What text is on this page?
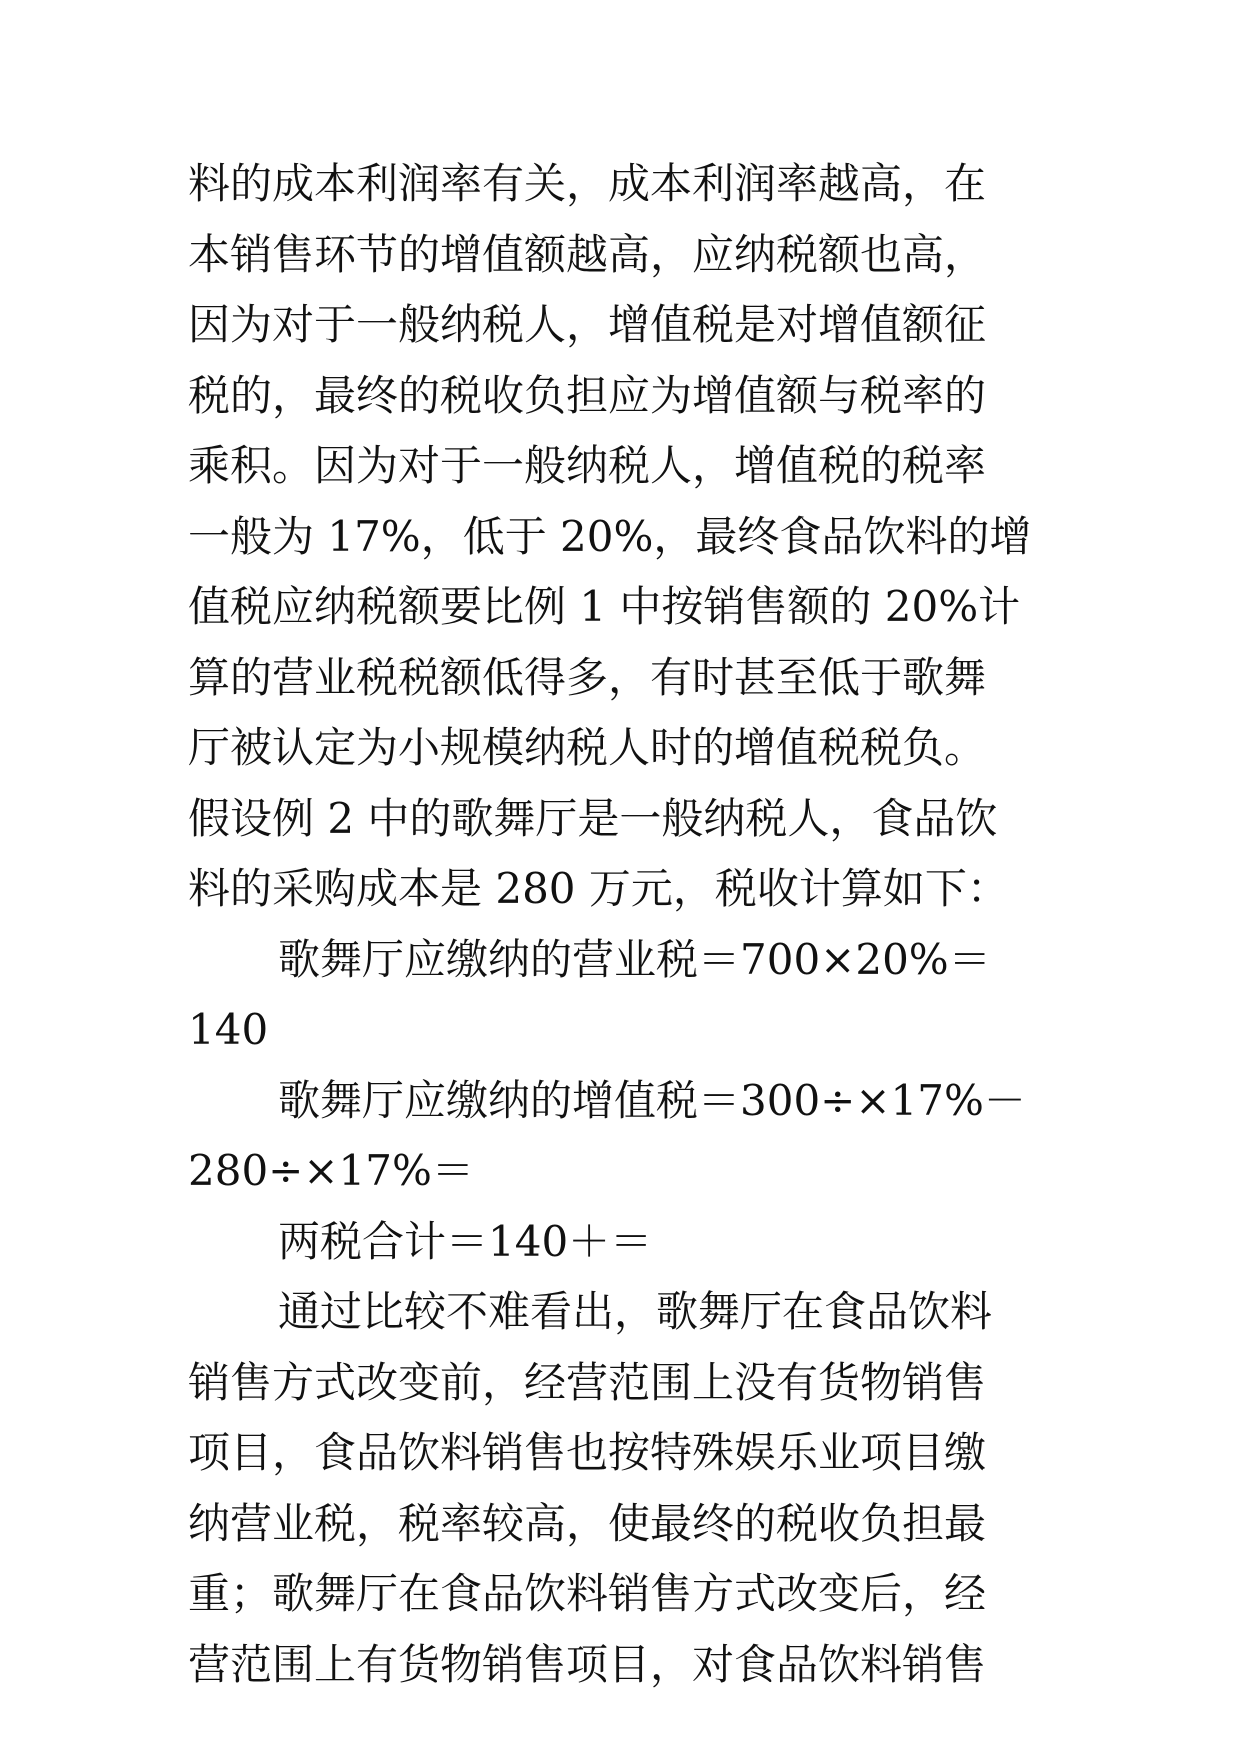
料的成本利润率有关，成本利润率越高，在
本销售环节的增值额越高，应纳税额也高，
因为对于一般纳税人，增值税是对增值额征
税的，最终的税收负担应为增值额与税率的
乘积。因为对于一般纳税人，增值税的税率
一般为 17%，低于 20%，最终食品饮料的增
值税应纳税额要比例 1 中按销售额的 20%计
算的营业税税额低得多，有时甚至低于歌舞
厅被认定为小规模纳税人时的增值税税负。
假设例 2 中的歌舞厅是一般纳税人，食品饮
料的采购成本是 280 万元，税收计算如下：
歌舞厅应缴纳的营业税＝700×20%＝
140
歌舞厅应缴纳的增值税＝300÷×17%－
280÷×17%＝
两税合计＝140＋＝
通过比较不难看出，歌舞厅在食品饮料
销售方式改变前，经营范围上没有货物销售
项目，食品饮料销售也按特殊娱乐业项目缴
纳营业税，税率较高，使最终的税收负担最
重；歌舞厅在食品饮料销售方式改变后，经
营范围上有货物销售项目，对食品饮料销售
